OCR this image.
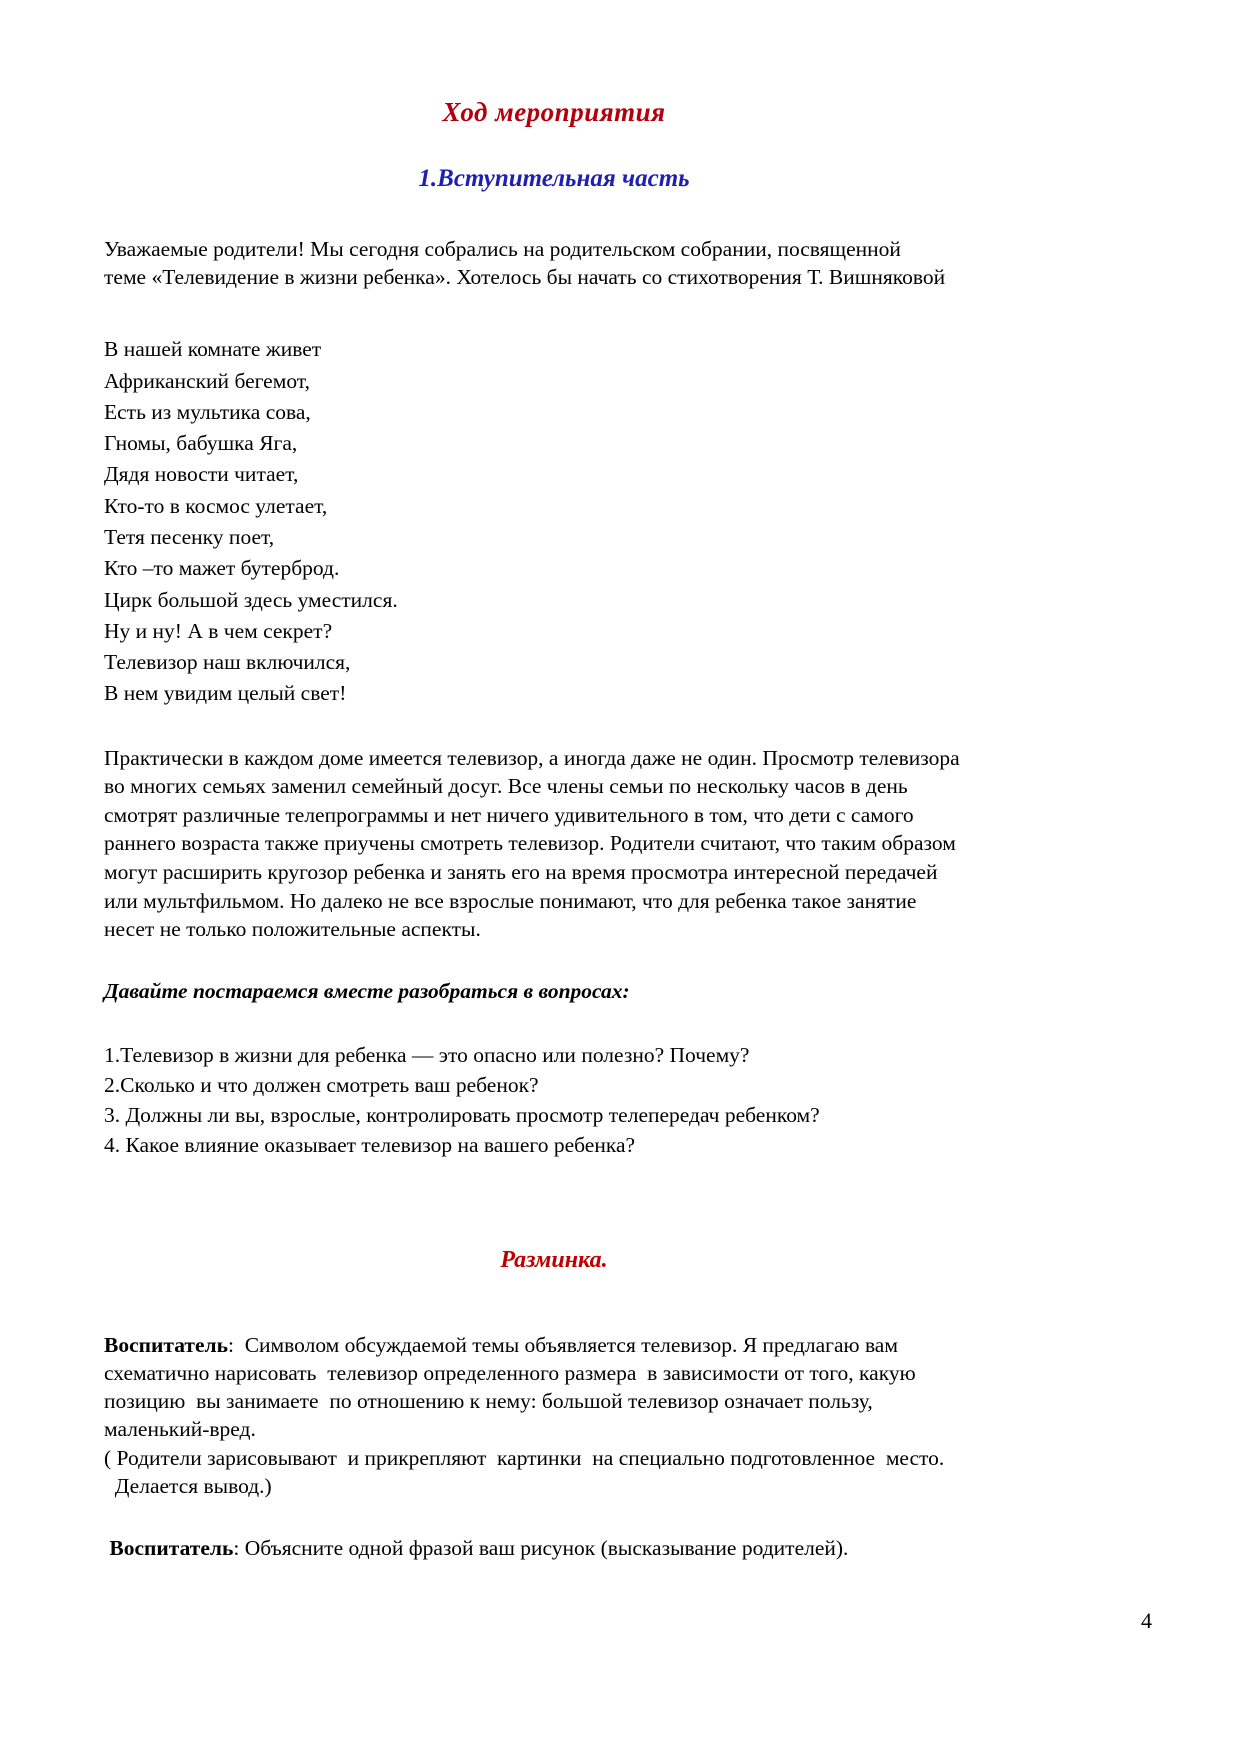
Ход мероприятия
1.Вступительная часть
Уважаемые родители! Мы сегодня собрались на родительском собрании, посвященной
теме «Телевидение в жизни ребенка». Хотелось бы начать со стихотворения Т. Вишняковой
В нашей комнате живет
Африканский бегемот,
Есть из мультика сова,
Гномы, бабушка Яга,
Дядя новости читает,
Кто-то в космос улетает,
Тетя песенку поет,
Кто –то мажет бутерброд.
Цирк большой здесь уместился.
Ну и ну! А в чем секрет?
Телевизор наш включился,
В нем увидим целый свет!
Практически в каждом доме имеется телевизор, а иногда даже не один. Просмотр телевизора
во многих семьях заменил семейный досуг. Все члены семьи по нескольку часов в день
смотрят различные телепрограммы и нет ничего удивительного в том, что дети с самого
раннего возраста также приучены смотреть телевизор. Родители считают, что таким образом
могут расширить кругозор ребенка и занять его на время просмотра интересной передачей
или мультфильмом. Но далеко не все взрослые понимают, что для ребенка такое занятие
несет не только положительные аспекты.
Давайте постараемся вместе разобраться в вопросах:
1.Телевизор в жизни для ребенка — это опасно или полезно? Почему?
2.Сколько и что должен смотреть ваш ребенок?
3. Должны ли вы, взрослые, контролировать просмотр телепередач ребенком?
4. Какое влияние оказывает телевизор на вашего ребенка?
Разминка.
Воспитатель:  Символом обсуждаемой темы объявляется телевизор. Я предлагаю вам
схематично нарисовать  телевизор определенного размера  в зависимости от того, какую
позицию  вы занимаете  по отношению к нему: большой телевизор означает пользу,
маленький-вред.
( Родители зарисовывают  и прикрепляют  картинки  на специально подготовленное  место.
Делается вывод.)
Воспитатель: Объясните одной фразой ваш рисунок (высказывание родителей).
4
